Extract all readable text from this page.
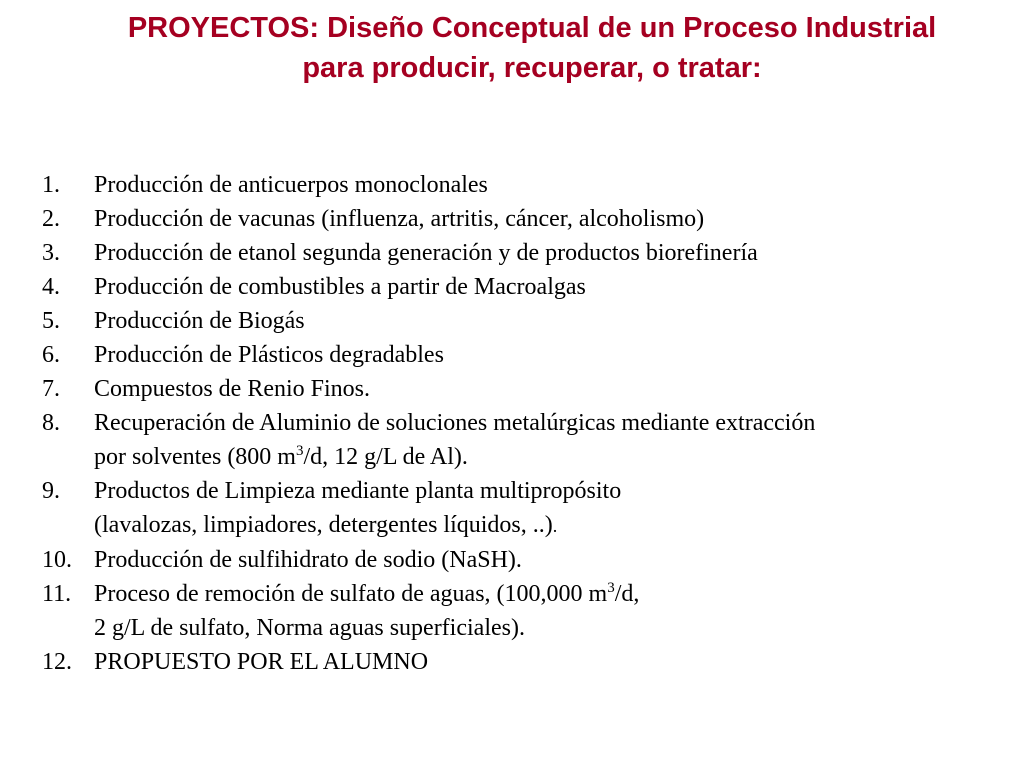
PROYECTOS: Diseño Conceptual de un Proceso Industrial
para producir, recuperar, o tratar:
1.	Producción de anticuerpos monoclonales
2.	Producción de vacunas (influenza, artritis, cáncer, alcoholismo)
3.	Producción de etanol segunda generación y de productos biorefinería
4.	Producción de combustibles a partir de Macroalgas
5.	Producción de Biogás
6.	Producción de Plásticos degradables
7.	Compuestos de Renio Finos.
8.	Recuperación de Aluminio de soluciones metalúrgicas mediante extracción
por solventes (800 $m^3/d$, 12 g/L de Al).
9.	Productos de Limpieza mediante planta multipropósito
(lavalozas, limpiadores, detergentes líquidos, ..).
10. Producción de sulfihidrato de sodio (NaSH).
11. Proceso de remoción de sulfato de aguas, (100,000 $m^3/d$,
2 g/L de sulfato, Norma aguas superficiales).
12. PROPUESTO POR EL ALUMNO
